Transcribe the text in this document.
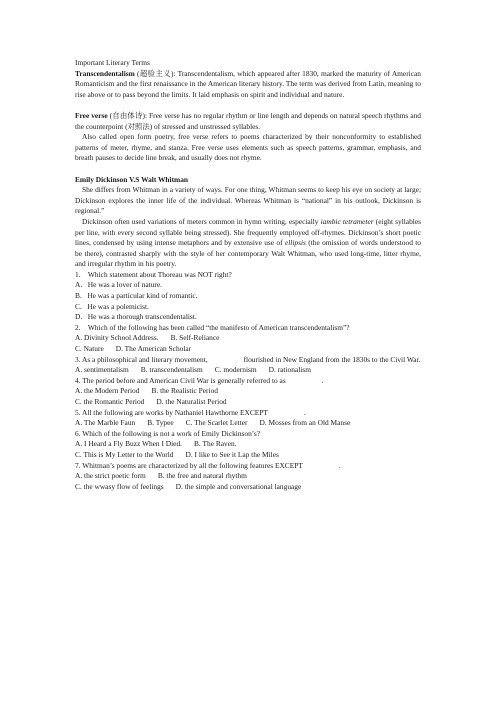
Important Literary Terms

Transcendentalism (超验主义): Transcendentalism, which appeared after 1830, marked the maturity of American Romanticism and the first renaissance in the American literary history. The term was derived from Latin, meaning to rise above or to pass beyond the limits. It laid emphasis on spirit and individual and nature.

Free verse (自由体诗): Free verse has no regular rhythm or line length and depends on natural speech rhythms and the counterpoint (对照法) of stressed and unstressed syllables.

Also called open form poetry, free verse refers to poems characterized by their nonconformity to established patterns of meter, rhyme, and stanza. Free verse uses elements such as speech patterns, grammar, emphasis, and breath pauses to decide line break, and usually does not rhyme.

Emily Dickinson V.S Walt Whitman

She differs from Whitman in a variety of ways. For one thing, Whitman seems to keep his eye on society at large; Dickinson explores the inner life of the individual. Whereas Whitman is “national” in his outlook, Dickinson is regional.”

Dickinson often used variations of meters common in hymn writing, especially iambic tetrameter (eight syllables per line, with every second syllable being stressed). She frequently employed off-rhymes. Dickinson’s short poetic lines, condensed by using intense metaphors and by extensive use of ellipsis (the omission of words understood to be there), contrasted sharply with the style of her contemporary Walt Whitman, who used long-time, litter rhyme, and irregular rhythm in his poetry.

1.    Which statement about Thoreau was NOT right?

A.   He was a lover of nature.

B.   He was a particular kind of romantic.

C.   He was a polemicist.

D.   He was a thorough transcendentalist.

2.    Which of the following has been called “the manifesto of American transcendentalism”?

A. Divinity School Address. B. Self-Reliance

C. Nature D. The American Scholar

3. As a philosophical and literary movement,	flourished in New England from the 1830s to the Civil War.

A. sentimentalism B. transcendentalism C. modernism D. rationalism

4. The period before and American Civil War is generally referred to as	.

A. the Modern Period B. the Realistic Period

C. the Romantic Period D. the Naturalist Period

5. All the following are works by Nathaniel Hawthorne EXCEPT	.

A. The Marble Faun B. Typee C. The Scarlet Letter D. Mosses from an Old Manse

6. Which of the following is not a work of Emily Dickinson’s?

A. I Heard a Fly Buzz When I Died. B. The Raven.

C. This is My Letter to the World D. I like to See it Lap the Miles

7. Whitman’s poems are characterized by all the following features EXCEPT	.

A. the strict poetic form B. the free and natural rhythm

C. the wwasy flow of feelings D. the simple and conversational language
